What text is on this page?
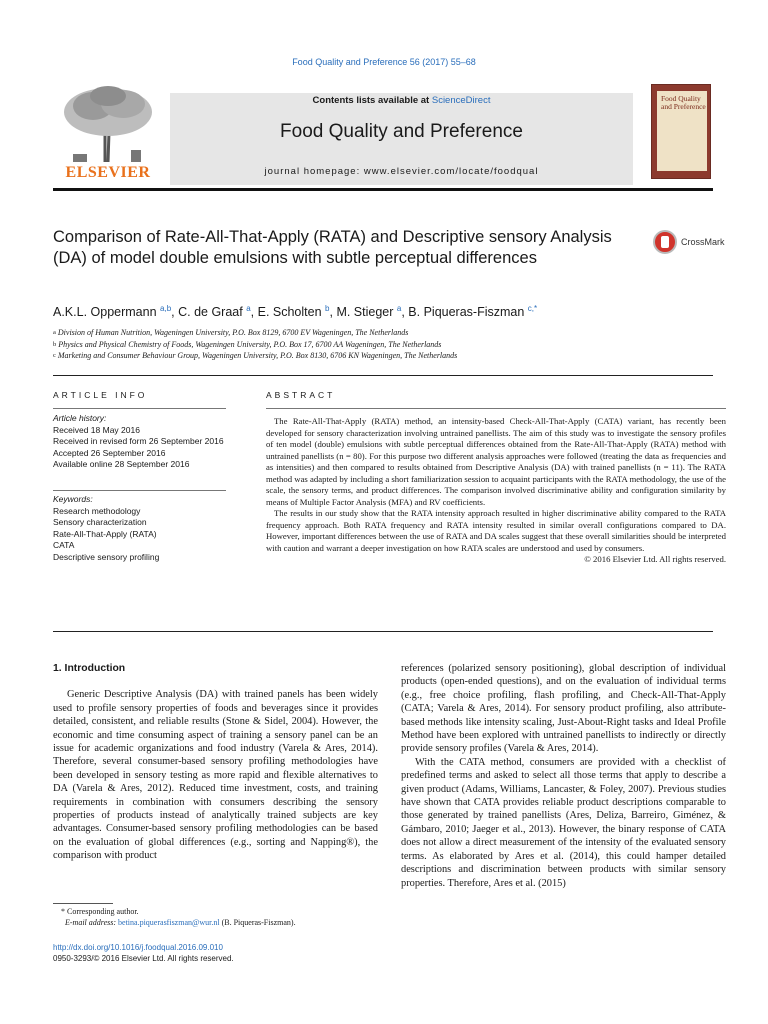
Food Quality and Preference 56 (2017) 55–68
ELSEVIER
Contents lists available at ScienceDirect
Food Quality and Preference
journal homepage: www.elsevier.com/locate/foodqual
Food Quality and Preference
Comparison of Rate-All-That-Apply (RATA) and Descriptive sensory Analysis (DA) of model double emulsions with subtle perceptual differences
CrossMark
A.K.L. Oppermann $^{a,b}$, C. de Graaf $^a$, E. Scholten $^b$, M. Stieger $^a$, B. Piqueras-Fiszman $^{c,*}$
$^a$ Division of Human Nutrition, Wageningen University, P.O. Box 8129, 6700 EV Wageningen, The Netherlands
$^b$ Physics and Physical Chemistry of Foods, Wageningen University, P.O. Box 17, 6700 AA Wageningen, The Netherlands
$^c$ Marketing and Consumer Behaviour Group, Wageningen University, P.O. Box 8130, 6706 KN Wageningen, The Netherlands
ARTICLE INFO
Article history:
Received 18 May 2016
Received in revised form 26 September 2016
Accepted 26 September 2016
Available online 28 September 2016
Keywords:
Research methodology
Sensory characterization
Rate-All-That-Apply (RATA)
CATA
Descriptive sensory profiling
ABSTRACT

The Rate-All-That-Apply (RATA) method, an intensity-based Check-All-That-Apply (CATA) variant, has recently been developed for sensory characterization involving untrained panellists. The aim of this study was to investigate the sensory profiles of ten model (double) emulsions with subtle perceptual differences obtained from the Rate-All-That-Apply (RATA) method with untrained panellists (n = 80). For this purpose two different analysis approaches were followed (treating the data as frequencies and as intensities) and then compared to results obtained from Descriptive Analysis (DA) with trained panellists (n = 11). The RATA method was adapted by including a short familiarization session to acquaint participants with the RATA methodology, the use of the scale, the sensory terms, and product differences. The comparison involved discriminative ability and configuration similarity by means of Multiple Factor Analysis (MFA) and RV coefficients.

The results in our study show that the RATA intensity approach resulted in higher discriminative ability compared to the RATA frequency approach. Both RATA frequency and RATA intensity resulted in similar overall configurations compared to DA. However, important differences between the use of RATA and DA scales suggest that these overall similarities should be interpreted with caution and warrant a deeper investigation on how RATA scales are understood and used by consumers.

© 2016 Elsevier Ltd. All rights reserved.
1. Introduction

Generic Descriptive Analysis (DA) with trained panels has been widely used to profile sensory properties of foods and beverages since it provides detailed, consistent, and reliable results (Stone & Sidel, 2004). However, the economic and time consuming aspect of training a sensory panel can be an issue for academic organizations and food industry (Varela & Ares, 2014). Therefore, several consumer-based sensory profiling methodologies have been developed in sensory testing as more rapid and flexible alternatives to DA (Varela & Ares, 2012). Reduced time investment, costs, and training requirements in combination with consumers describing the sensory properties of products instead of analytically trained subjects are key advantages. Consumer-based sensory profiling methodologies can be based on the evaluation of global differences (e.g., sorting and Napping®), the comparison with product

references (polarized sensory positioning), global description of individual products (open-ended questions), and on the evaluation of individual terms (e.g., free choice profiling, flash profiling, and Check-All-That-Apply (CATA; Varela & Ares, 2014). For sensory product profiling, also attribute-based methods like intensity scaling, Just-About-Right tasks and Ideal Profile Method have been explored with untrained panellists to indirectly or directly provide sensory profiles (Varela & Ares, 2014).

With the CATA method, consumers are provided with a checklist of predefined terms and asked to select all those terms that apply to describe a given product (Adams, Williams, Lancaster, & Foley, 2007). Previous studies have shown that CATA provides reliable product descriptions comparable to those generated by trained panellists (Ares, Deliza, Barreiro, Giménez, & Gámbaro, 2010; Jaeger et al., 2013). However, the binary response of CATA does not allow a direct measurement of the intensity of the evaluated sensory terms. As elaborated by Ares et al. (2014), this could hamper detailed descriptions and discrimination between products with similar sensory properties. Therefore, Ares et al. (2015)

* Corresponding author.
E-mail address: betina.piquerasfiszman@wur.nl (B. Piqueras-Fiszman).
http://dx.doi.org/10.1016/j.foodqual.2016.09.010
0950-3293/© 2016 Elsevier Ltd. All rights reserved.
